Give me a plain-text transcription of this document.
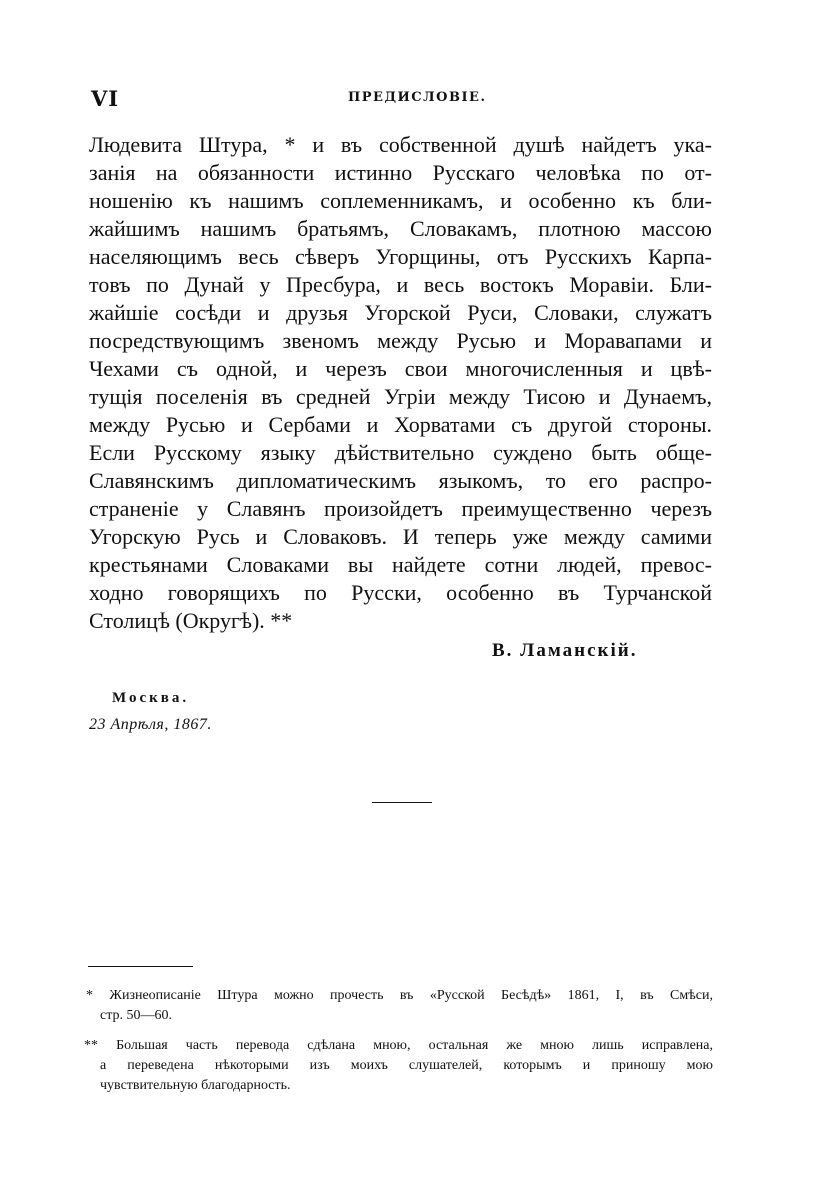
VI	ПРЕДИСЛОВІЕ.
Людевита Штура, * и въ собственной душѣ найдетъ ука-
занія на обязанности истинно Русскаго человѣка по от-
ношенію къ нашимъ соплеменникамъ, и особенно къ бли-
жайшимъ нашимъ братьямъ, Словакамъ, плотною массою
населяющимъ весь сѣверъ Угорщины, отъ Русскихъ Карпа-
товъ по Дунай у Пресбура, и весь востокъ Моравіи. Бли-
жайшіе сосѣди и друзья Угорской Руси, Словаки, служатъ
посредствующимъ звеномъ между Русью и Моравапами и
Чехами съ одной, и черезъ свои многочисленныя и цвѣ-
тущія поселенія въ средней Угріи между Тисою и Дунаемъ,
между Русью и Сербами и Хорватами съ другой стороны.
Если Русскому языку дѣйствительно суждено быть обще-
Славянскимъ дипломатическимъ языкомъ, то его распро-
страненіе у Славянъ произойдетъ преимущественно черезъ
Угорскую Русь и Словаковъ. И теперь уже между самими
крестьянами Словаками вы найдете сотни людей, превос-
ходно говорящихъ по Русски, особенно въ Турчанской
Столицѣ (Округѣ). **
В. Ламанскій.
Москва.
23 Апрѣля, 1867.
* Жизнеописаніе Штура можно прочесть въ «Русской Бесѣдѣ» 1861, I, въ Смѣси,
стр. 50—60.
** Большая часть перевода сдѣлана мною, остальная же мною лишь исправлена,
а переведена нѣкоторыми изъ моихъ слушателей, которымъ и приношу мою
чувствительную благодарность.
